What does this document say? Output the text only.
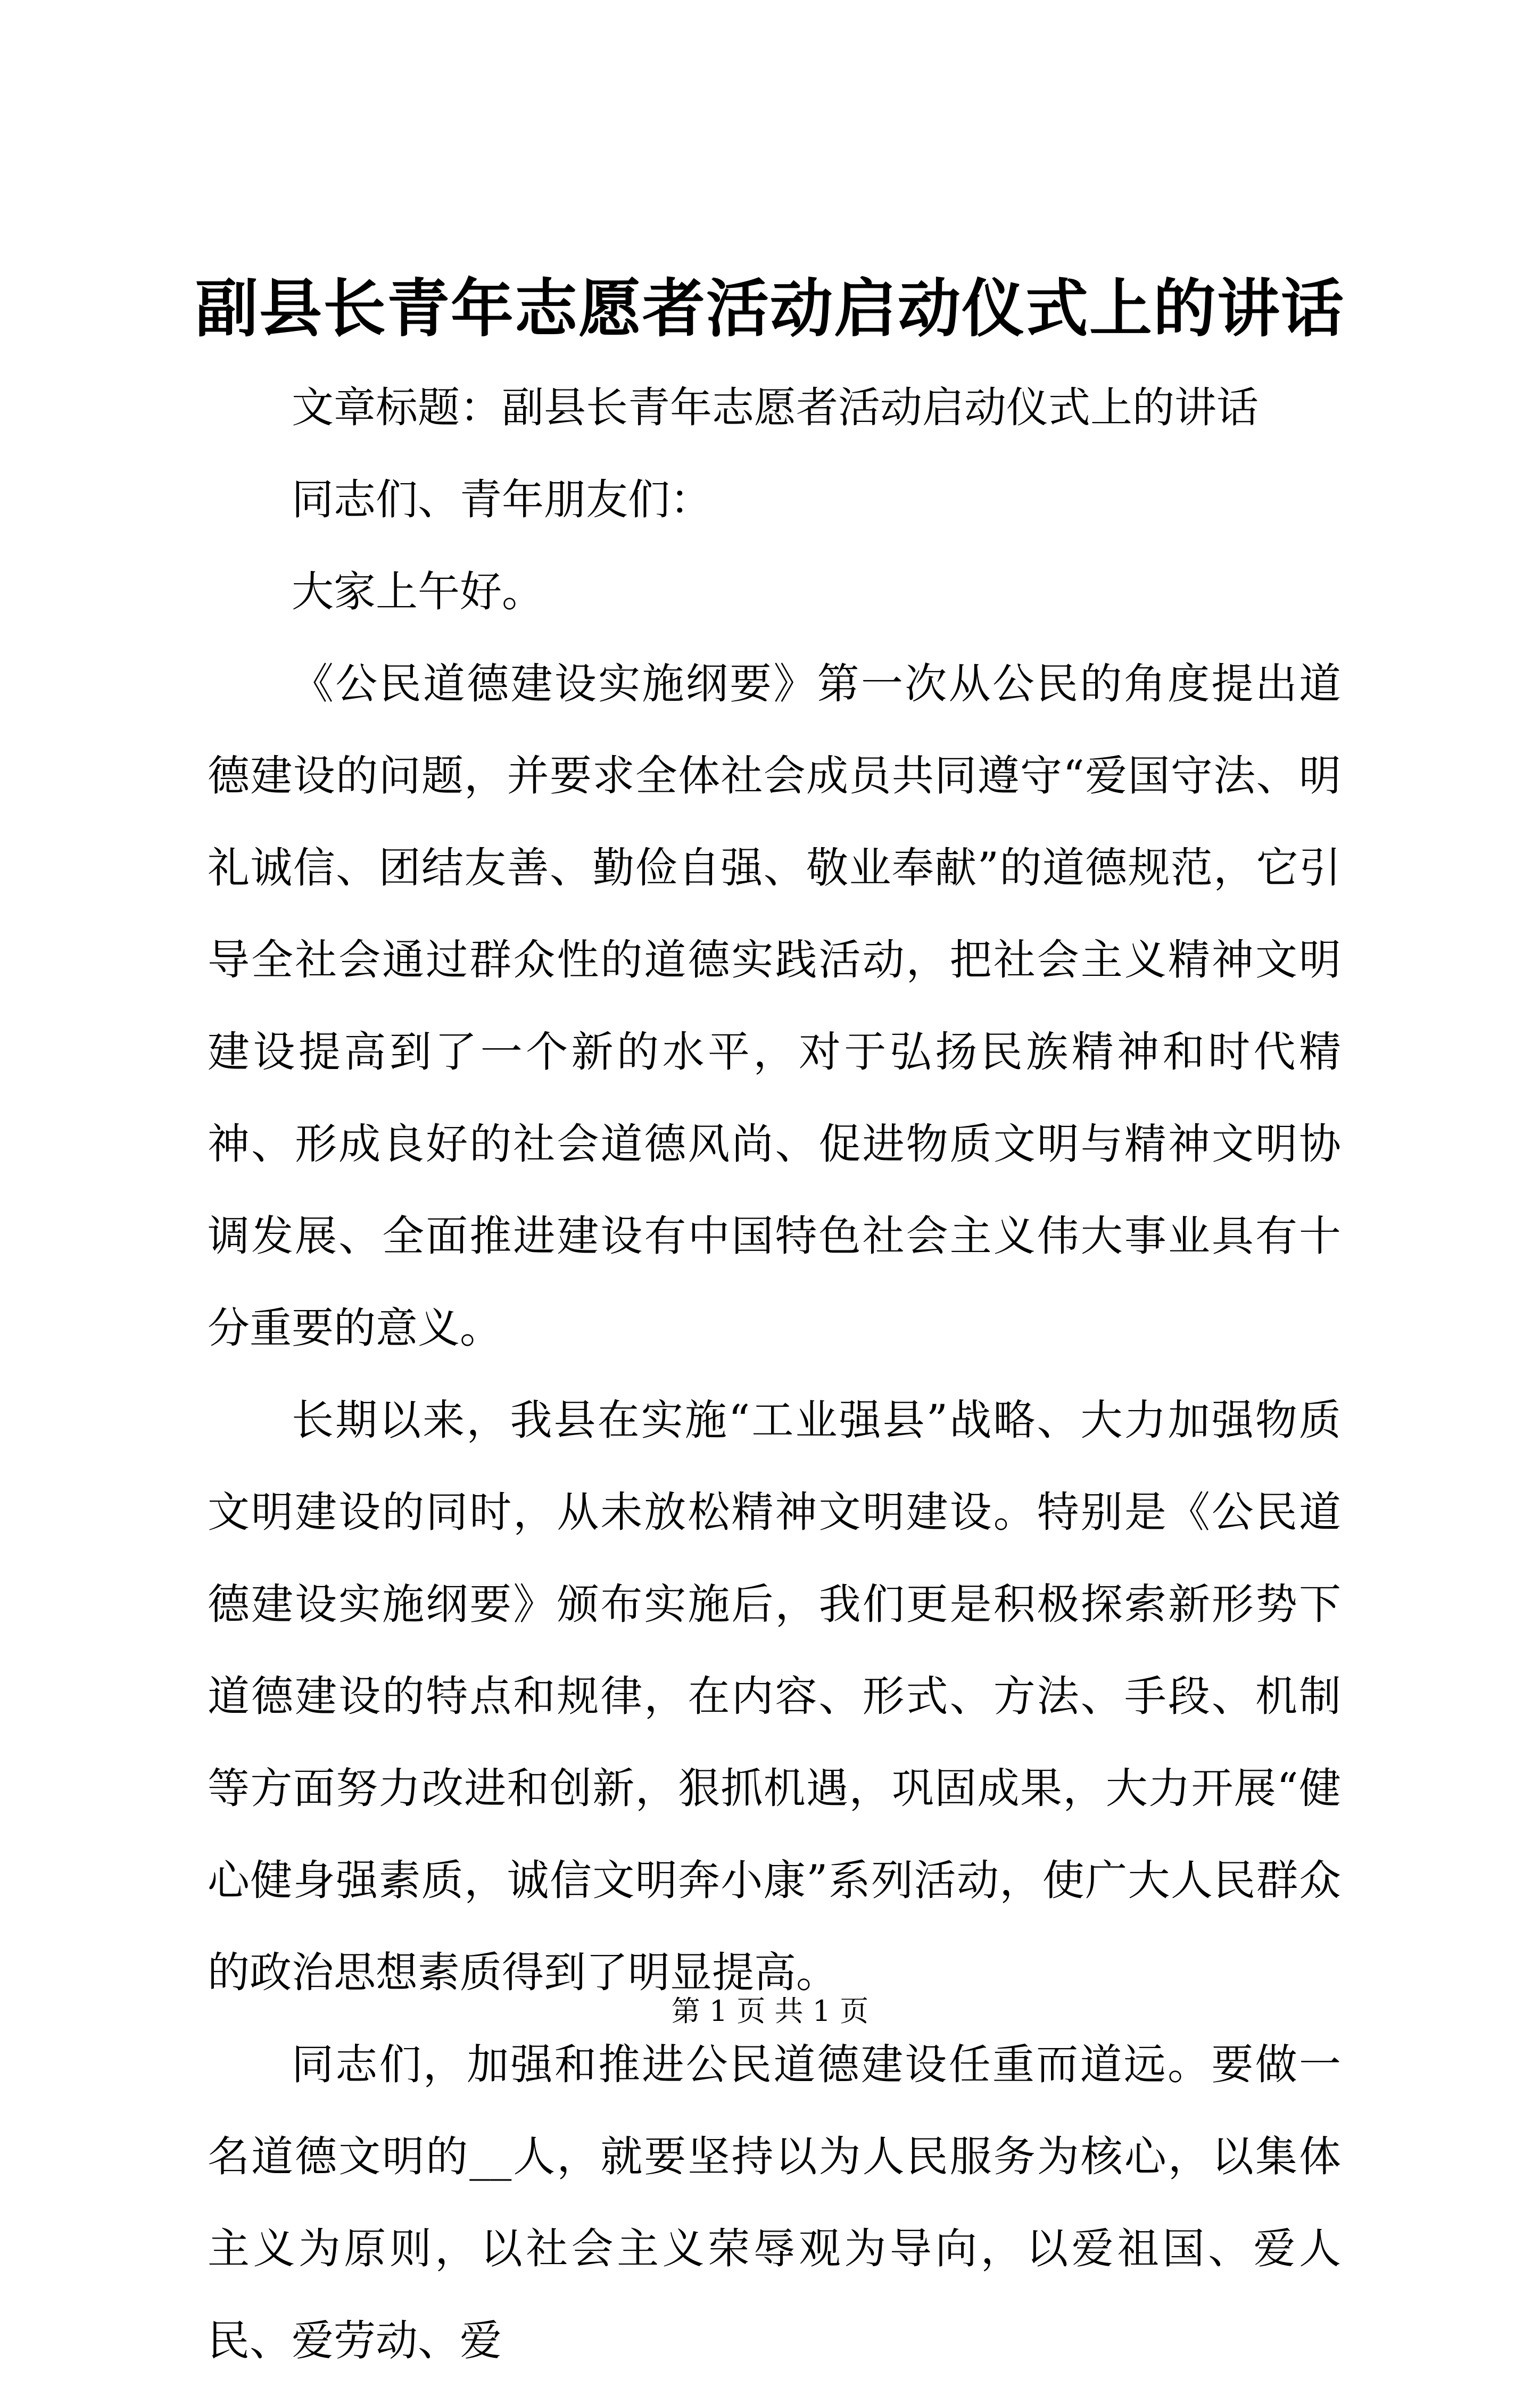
副县长青年志愿者活动启动仪式上的讲话

文章标题：副县长青年志愿者活动启动仪式上的讲话

同志们、青年朋友们：

大家上午好。

《公民道德建设实施纲要》第一次从公民的角度提出道德建设的问题，并要求全体社会成员共同遵守“爱国守法、明礼诚信、团结友善、勤俭自强、敬业奉献”的道德规范，它引导全社会通过群众性的道德实践活动，把社会主义精神文明建设提高到了一个新的水平，对于弘扬民族精神和时代精神、形成良好的社会道德风尚、促进物质文明与精神文明协调发展、全面推进建设有中国特色社会主义伟大事业具有十分重要的意义。

长期以来，我县在实施“工业强县”战略、大力加强物质文明建设的同时，从未放松精神文明建设。特别是《公民道德建设实施纲要》颁布实施后，我们更是积极探索新形势下道德建设的特点和规律，在内容、形式、方法、手段、机制等方面努力改进和创新，狠抓机遇，巩固成果，大力开展“健心健身强素质，诚信文明奔小康”系列活动，使广大人民群众的政治思想素质得到了明显提高。

同志们，加强和推进公民道德建设任重而道远。要做一名道德文明的__人，就要坚持以为人民服务为核心，以集体主义为原则，以社会主义荣辱观为导向，以爱祖国、爱人民、爱劳动、爱

第 1 页 共 1 页
